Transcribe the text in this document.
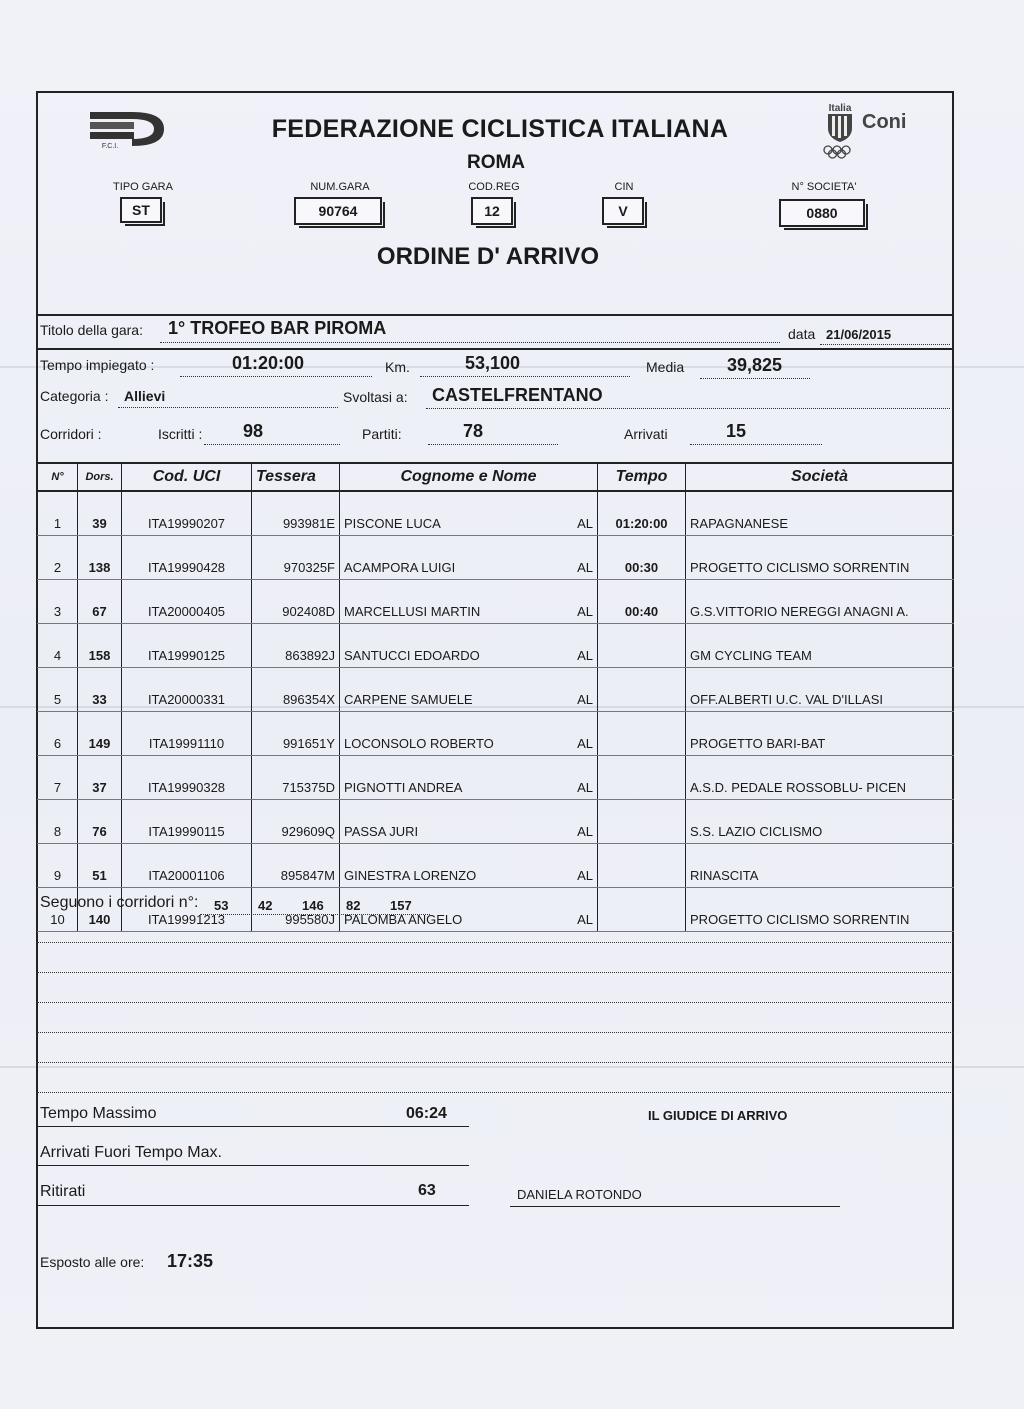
F.C.I.
Italia
Coni
FEDERAZIONE CICLISTICA ITALIANA
ROMA
TIPO GARA
ST
NUM.GARA
90764
COD.REG
12
CIN
V
N° SOCIETA'
0880
ORDINE D' ARRIVO
Titolo della gara: 1° TROFEO BAR PIROMA	data 21/06/2015
Tempo impiegato :	01:20:00	Km.	53,100	Media 39,825
Categoria : Allievi	Svoltasi a: CASTELFRENTANO
Corridori :	Iscritti : 98	Partiti:	78	Arrivati	15
N°	Dors.	Cod. UCI	Tessera	Cognome e Nome		Tempo	Società
1	39	ITA19990207	993981E	PISCONE LUCA	AL	01:20:00	RAPAGNANESE
2	138	ITA19990428	970325F	ACAMPORA LUIGI	AL	00:30	PROGETTO CICLISMO SORRENTIN
3	67	ITA20000405	902408D	MARCELLUSI MARTIN	AL	00:40	G.S.VITTORIO NEREGGI ANAGNI A.
4	158	ITA19990125	863892J	SANTUCCI EDOARDO	AL		GM CYCLING TEAM
5	33	ITA20000331	896354X	CARPENE SAMUELE	AL		OFF.ALBERTI U.C. VAL D'ILLASI
6	149	ITA19991110	991651Y	LOCONSOLO ROBERTO	AL		PROGETTO BARI-BAT
7	37	ITA19990328	715375D	PIGNOTTI ANDREA	AL		A.S.D. PEDALE ROSSOBLU- PICEN
8	76	ITA19990115	929609Q	PASSA JURI	AL		S.S. LAZIO CICLISMO
9	51	ITA20001106	895847M	GINESTRA LORENZO	AL		RINASCITA
10	140	ITA19991213	995580J	PALOMBA ANGELO	AL		PROGETTO CICLISMO SORRENTIN
Seguono i corridori n°: 53 42 146 82 157
Tempo Massimo	06:24	IL GIUDICE DI ARRIVO
Arrivati Fuori Tempo Max.
Ritirati	63	DANIELA ROTONDO
Esposto alle ore: 17:35
